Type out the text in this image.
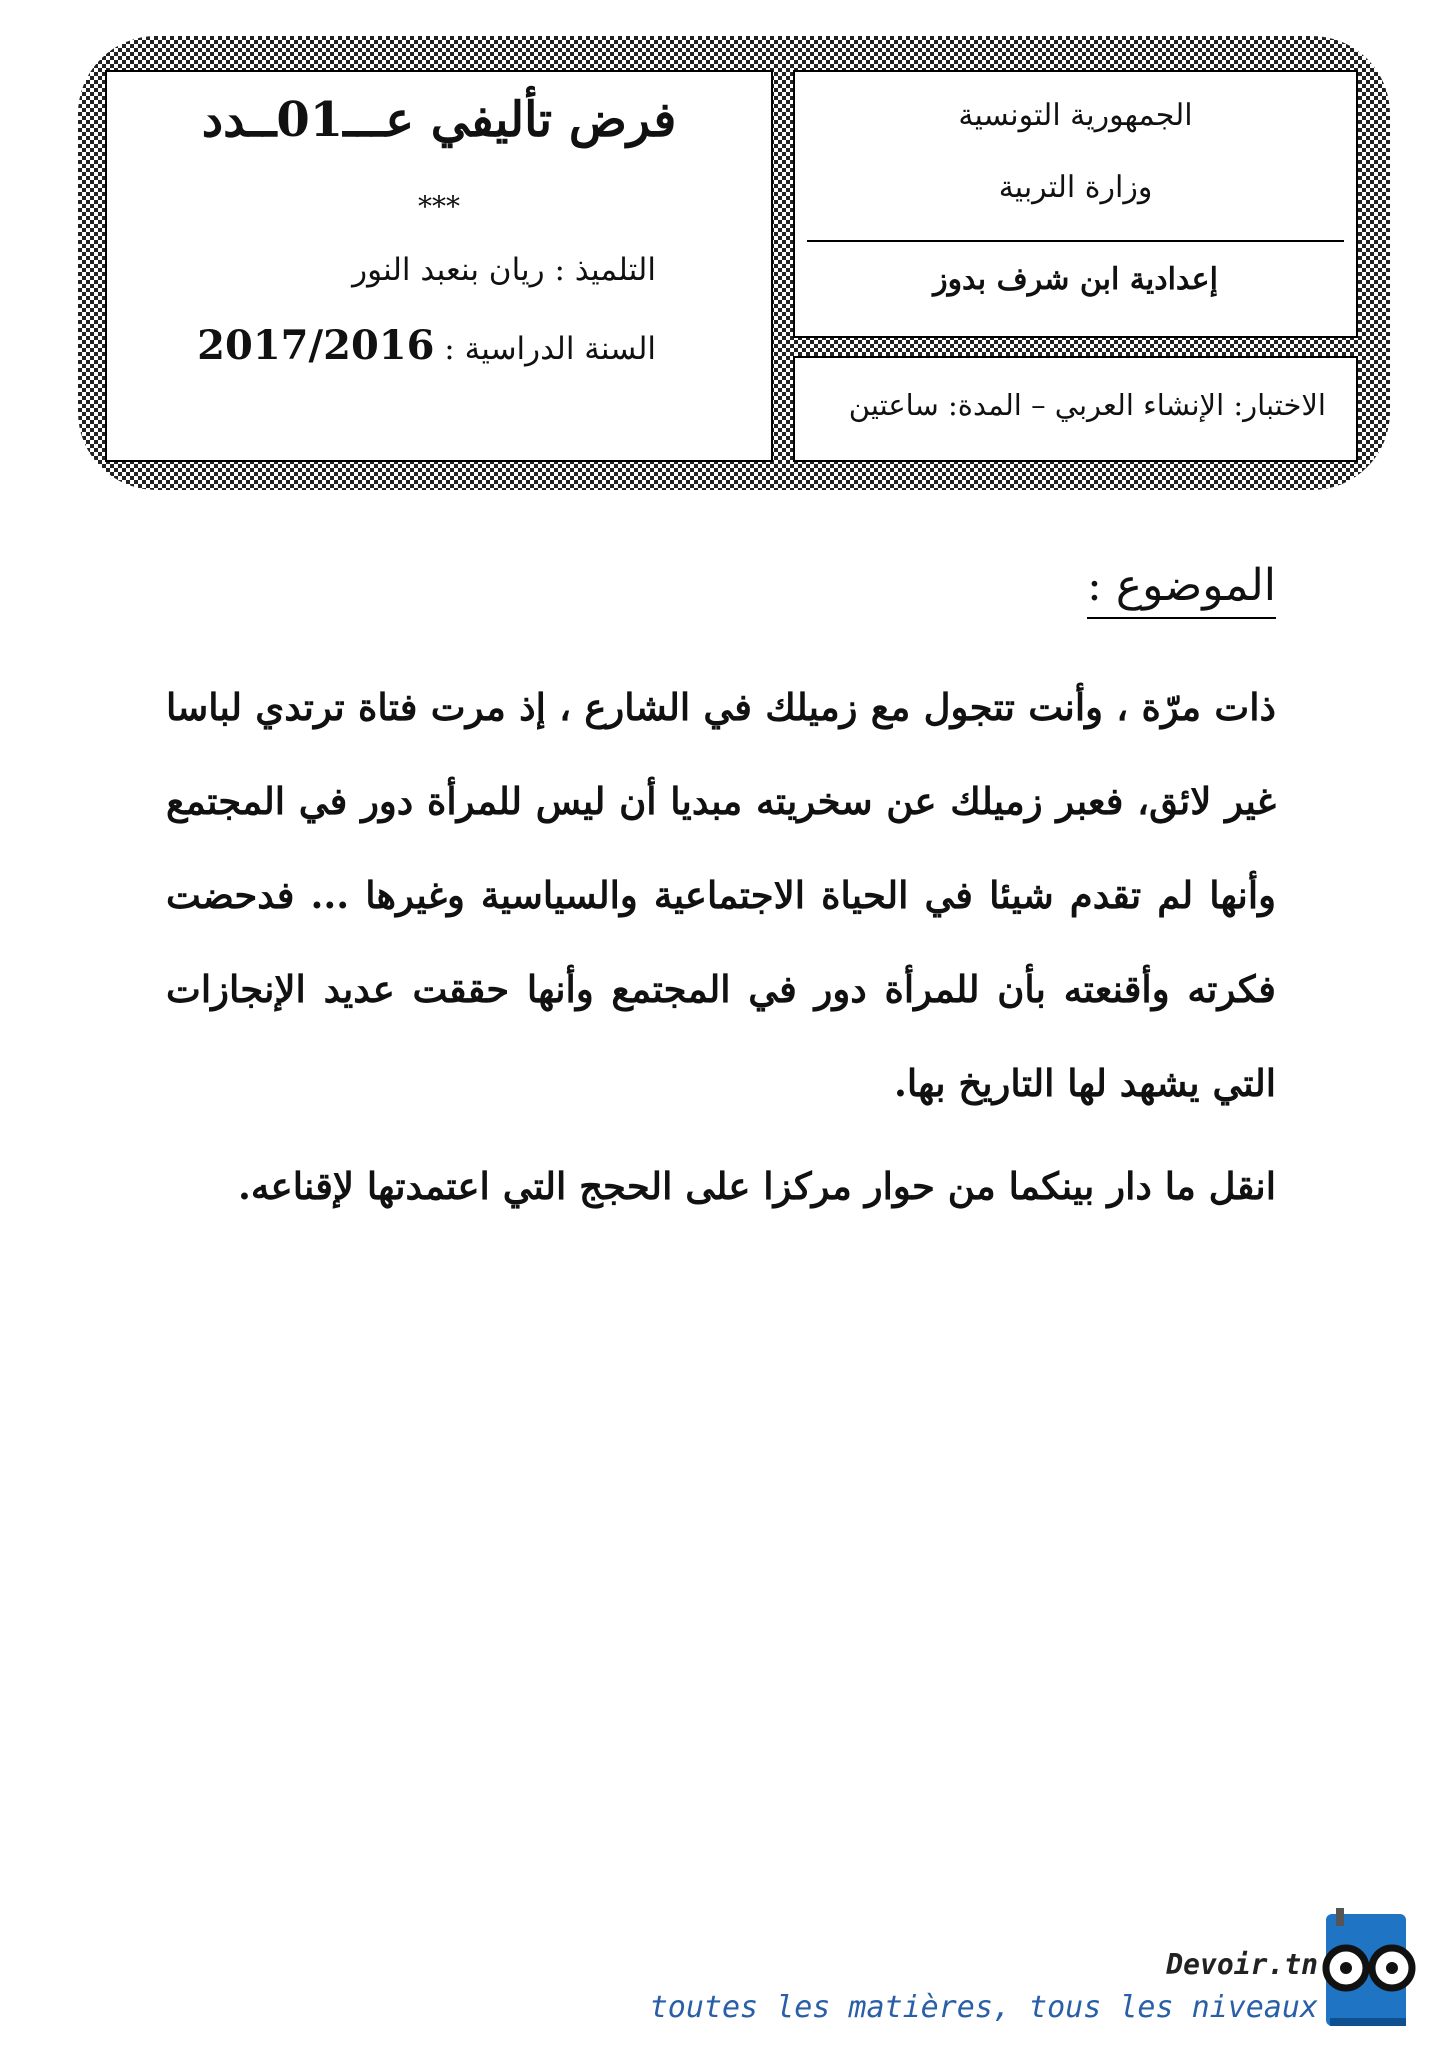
الجمهورية التونسية
وزارة التربية
إعدادية ابن شرف بدوز
الاختبار: الإنشاء العربي – المدة: ساعتين
فرض تأليفي عـــ01ــدد
***
التلميذ : ريان بنعبد النور
السنة الدراسية : 2017/2016
الموضوع :
ذات مرّة ، وأنت تتجول مع زميلك في الشارع ، إذ مرت فتاة ترتدي لباسا غير لائق، فعبر زميلك عن سخريته مبديا أن ليس للمرأة دور في المجتمع وأنها لم تقدم شيئا في الحياة الاجتماعية والسياسية وغيرها ... فدحضت فكرته وأقنعته بأن للمرأة دور في المجتمع وأنها حققت عديد الإنجازات التي يشهد لها التاريخ بها.
انقل ما دار بينكما من حوار مركزا على الحجج التي اعتمدتها لإقناعه.
Devoir.tn
toutes les matières, tous les niveaux
